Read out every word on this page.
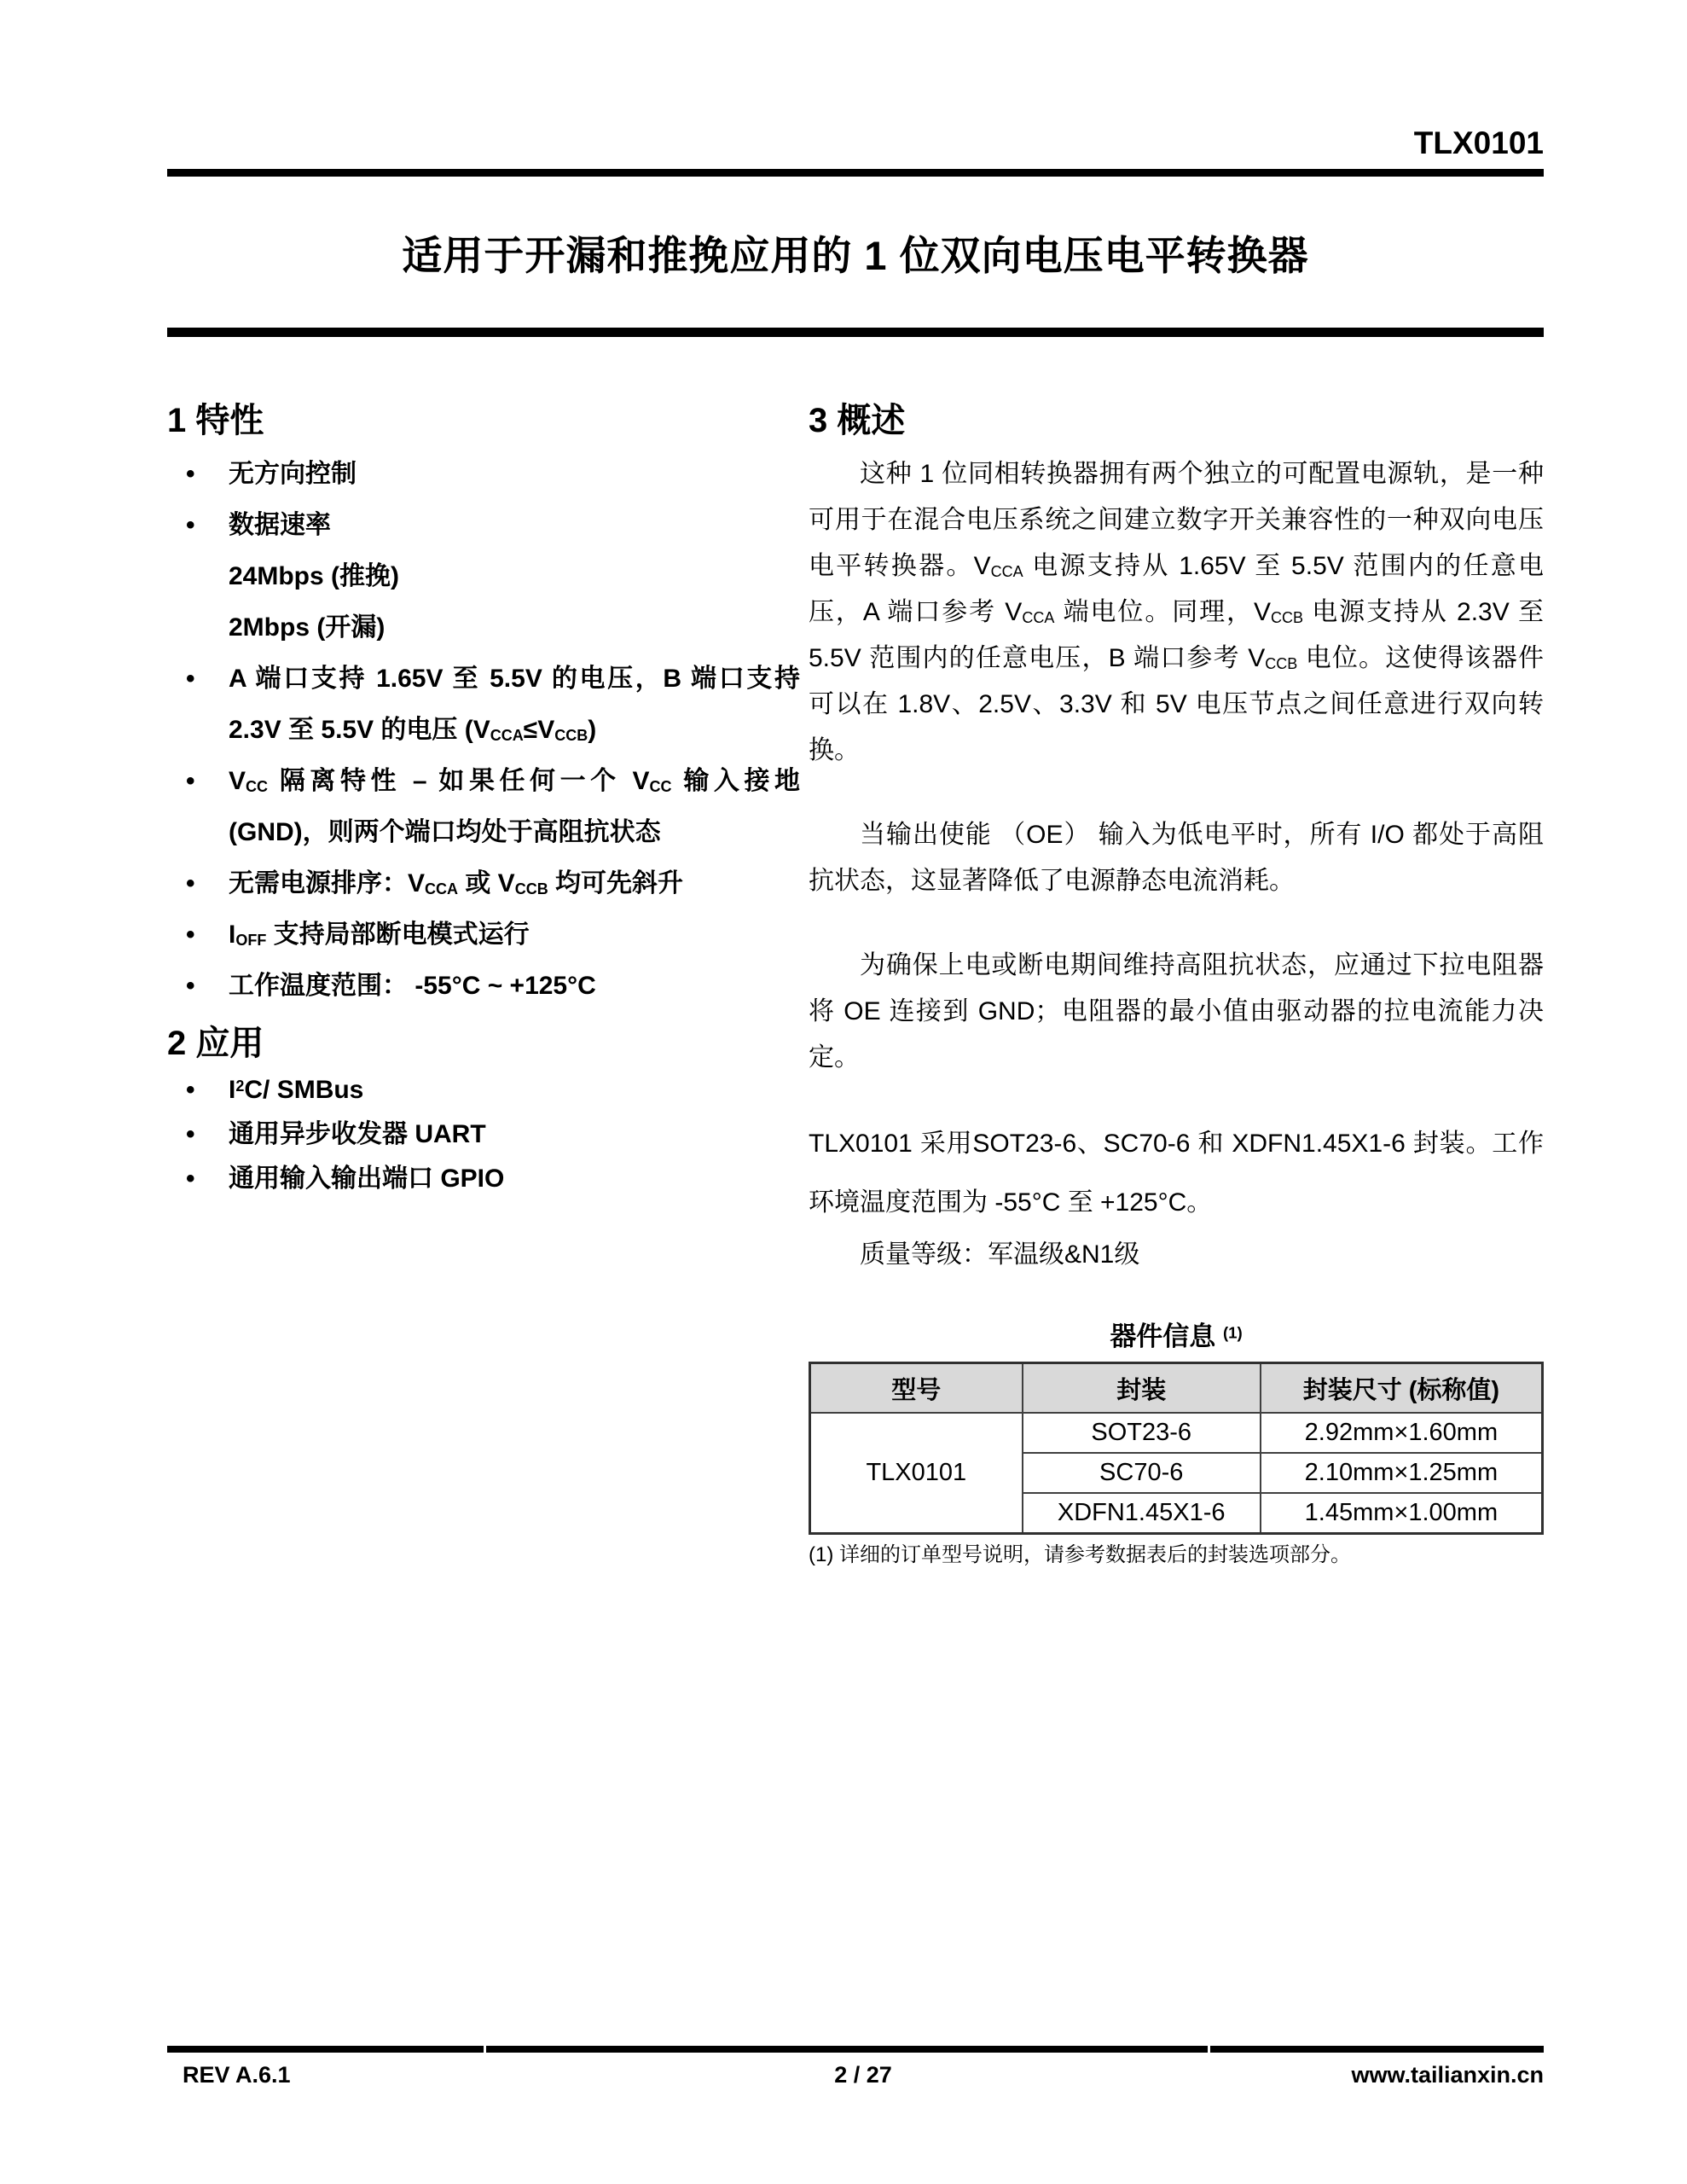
TLX0101
适用于开漏和推挽应用的 1 位双向电压电平转换器
1 特性
•	无方向控制
•	数据速率
24Mbps (推挽)
2Mbps (开漏)
•	A 端口支持 1.65V 至 5.5V 的电压，B 端口支持 2.3V 至 5.5V 的电压 $(V_{CCA}\le V_{CCB})$
•	$V_{CC}$ 隔离特性 – 如果任何一个 $V_{CC}$ 输入接地 (GND)，则两个端口均处于高阻抗状态
•	无需电源排序：$V_{CCA}$ 或 $V_{CCB}$ 均可先斜升
•	$I_{OFF}$ 支持局部断电模式运行
•	工作温度范围： -55°C ~ +125°C
2 应用
•	$I^2C/$ SMBus
•	通用异步收发器 UART
•	通用输入输出端口 GPIO
3 概述

这种 1 位同相转换器拥有两个独立的可配置电源轨，是一种可用于在混合电压系统之间建立数字开关兼容性的一种双向电压电平转换器。$V_{CCA}$ 电源支持从 1.65V 至 5.5V 范围内的任意电压，A 端口参考 $V_{CCA}$ 端电位。同理，$V_{CCB}$ 电源支持从 2.3V 至 5.5V 范围内的任意电压，B 端口参考 $V_{CCB}$ 电位。这使得该器件可以在 1.8V、2.5V、3.3V 和 5V 电压节点之间任意进行双向转换。

当输出使能 （OE） 输入为低电平时，所有 I/O 都处于高阻抗状态，这显著降低了电源静态电流消耗。

为确保上电或断电期间维持高阻抗状态，应通过下拉电阻器将 OE 连接到 GND；电阻器的最小值由驱动器的拉电流能力决定。

TLX0101 采用SOT23-6、SC70-6 和 XDFN1.45X1-6 封装。工作环境温度范围为 -55°C 至 +125°C。

质量等级：军温级&N1级

器件信息 $^{(1)}$
型号	封装	封装尺寸 (标称值)
TLX0101	SOT23-6	2.92mm×1.60mm
	SC70-6	2.10mm×1.25mm
	XDFN1.45X1-6	1.45mm×1.00mm
(1) 详细的订单型号说明，请参考数据表后的封装选项部分。
REV A.6.1	2 / 27	www.tailianxin.cn
